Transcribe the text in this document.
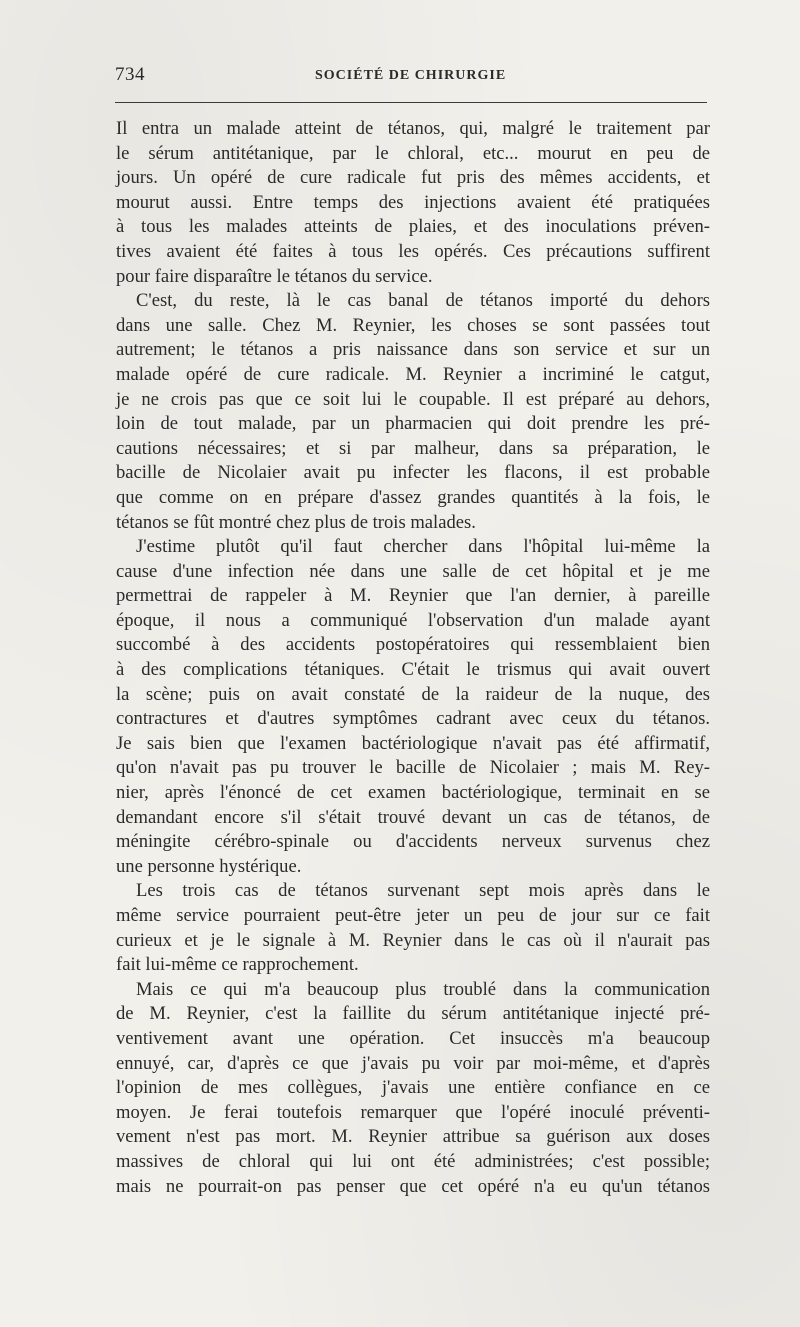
734	SOCIÉTÉ DE CHIRURGIE
Il entra un malade atteint de tétanos, qui, malgré le traitement par
le sérum antitétanique, par le chloral, etc... mourut en peu de
jours. Un opéré de cure radicale fut pris des mêmes accidents, et
mourut aussi. Entre temps des injections avaient été pratiquées
à tous les malades atteints de plaies, et des inoculations préven-
tives avaient été faites à tous les opérés. Ces précautions suffirent
pour faire disparaître le tétanos du service.
C'est, du reste, là le cas banal de tétanos importé du dehors
dans une salle. Chez M. Reynier, les choses se sont passées tout
autrement; le tétanos a pris naissance dans son service et sur un
malade opéré de cure radicale. M. Reynier a incriminé le catgut,
je ne crois pas que ce soit lui le coupable. Il est préparé au dehors,
loin de tout malade, par un pharmacien qui doit prendre les pré-
cautions nécessaires; et si par malheur, dans sa préparation, le
bacille de Nicolaier avait pu infecter les flacons, il est probable
que comme on en prépare d'assez grandes quantités à la fois, le
tétanos se fût montré chez plus de trois malades.
J'estime plutôt qu'il faut chercher dans l'hôpital lui-même la
cause d'une infection née dans une salle de cet hôpital et je me
permettrai de rappeler à M. Reynier que l'an dernier, à pareille
époque, il nous a communiqué l'observation d'un malade ayant
succombé à des accidents postopératoires qui ressemblaient bien
à des complications tétaniques. C'était le trismus qui avait ouvert
la scène; puis on avait constaté de la raideur de la nuque, des
contractures et d'autres symptômes cadrant avec ceux du tétanos.
Je sais bien que l'examen bactériologique n'avait pas été affirmatif,
qu'on n'avait pas pu trouver le bacille de Nicolaier ; mais M. Rey-
nier, après l'énoncé de cet examen bactériologique, terminait en se
demandant encore s'il s'était trouvé devant un cas de tétanos, de
méningite cérébro-spinale ou d'accidents nerveux survenus chez
une personne hystérique.
Les trois cas de tétanos survenant sept mois après dans le
même service pourraient peut-être jeter un peu de jour sur ce fait
curieux et je le signale à M. Reynier dans le cas où il n'aurait pas
fait lui-même ce rapprochement.
Mais ce qui m'a beaucoup plus troublé dans la communication
de M. Reynier, c'est la faillite du sérum antitétanique injecté pré-
ventivement avant une opération. Cet insuccès m'a beaucoup
ennuyé, car, d'après ce que j'avais pu voir par moi-même, et d'après
l'opinion de mes collègues, j'avais une entière confiance en ce
moyen. Je ferai toutefois remarquer que l'opéré inoculé préventi-
vement n'est pas mort. M. Reynier attribue sa guérison aux doses
massives de chloral qui lui ont été administrées; c'est possible;
mais ne pourrait-on pas penser que cet opéré n'a eu qu'un tétanos
